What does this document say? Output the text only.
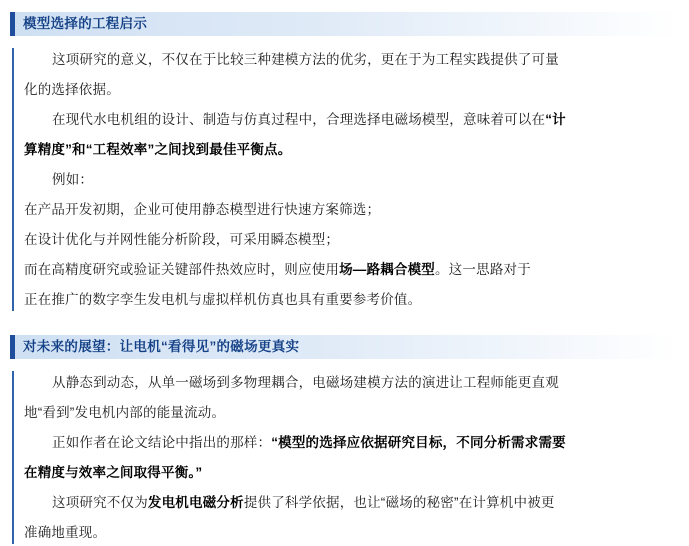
模型选择的工程启示

这项研究的意义，不仅在于比较三种建模方法的优劣，更在于为工程实践提供了可量

化的选择依据。

在现代水电机组的设计、制造与仿真过程中，合理选择电磁场模型，意味着可以在“计

算精度”和“工程效率”之间找到最佳平衡点。

例如：

在产品开发初期，企业可使用静态模型进行快速方案筛选；

在设计优化与并网性能分析阶段，可采用瞬态模型；

而在高精度研究或验证关键部件热效应时，则应使用场—路耦合模型。这一思路对于

正在推广的数字孪生发电机与虚拟样机仿真也具有重要参考价值。

对未来的展望：让电机“看得见”的磁场更真实

从静态到动态，从单一磁场到多物理耦合，电磁场建模方法的演进让工程师能更直观

地“看到”发电机内部的能量流动。

正如作者在论文结论中指出的那样：“模型的选择应依据研究目标，不同分析需求需要

在精度与效率之间取得平衡。”

这项研究不仅为发电机电磁分析提供了科学依据，也让“磁场的秘密”在计算机中被更

准确地重现。
